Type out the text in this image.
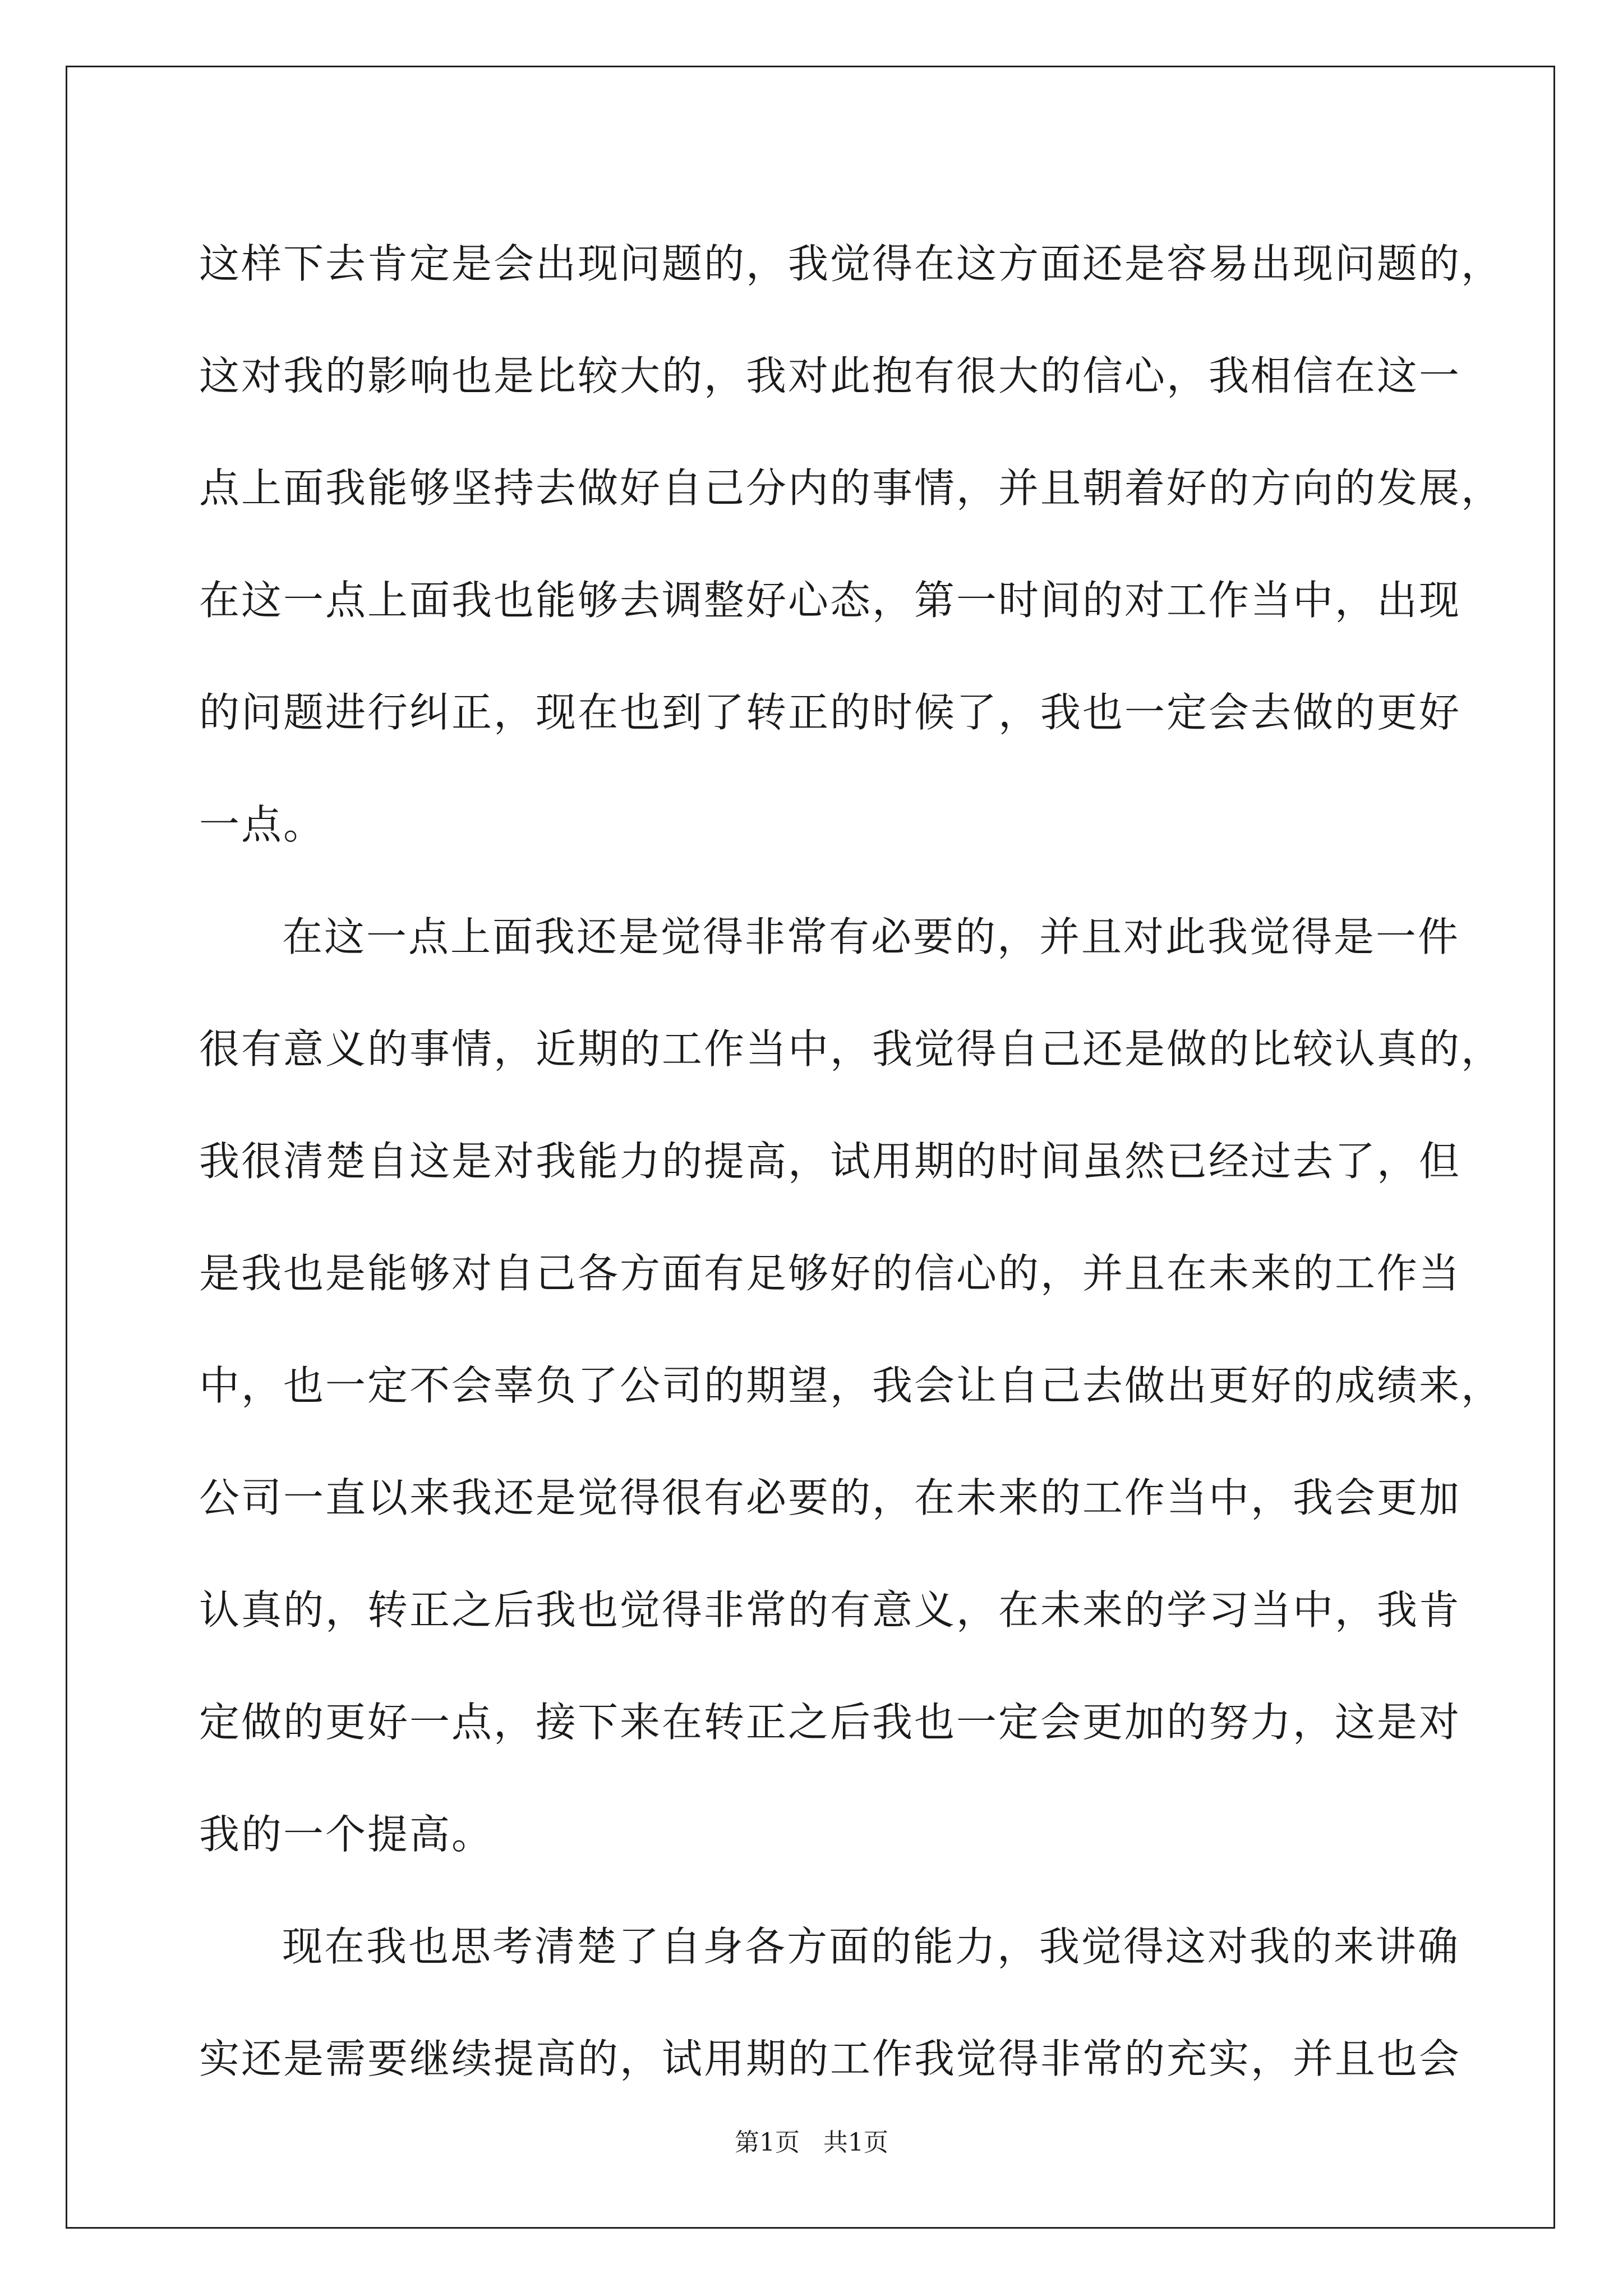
这样下去肯定是会出现问题的，我觉得在这方面还是容易出现问题的，
这对我的影响也是比较大的，我对此抱有很大的信心，我相信在这一
点上面我能够坚持去做好自己分内的事情，并且朝着好的方向的发展，
在这一点上面我也能够去调整好心态，第一时间的对工作当中，出现
的问题进行纠正，现在也到了转正的时候了，我也一定会去做的更好
一点。
在这一点上面我还是觉得非常有必要的，并且对此我觉得是一件
很有意义的事情，近期的工作当中，我觉得自己还是做的比较认真的，
我很清楚自这是对我能力的提高，试用期的时间虽然已经过去了，但
是我也是能够对自己各方面有足够好的信心的，并且在未来的工作当
中，也一定不会辜负了公司的期望，我会让自己去做出更好的成绩来，
公司一直以来我还是觉得很有必要的，在未来的工作当中，我会更加
认真的，转正之后我也觉得非常的有意义，在未来的学习当中，我肯
定做的更好一点，接下来在转正之后我也一定会更加的努力，这是对
我的一个提高。
现在我也思考清楚了自身各方面的能力，我觉得这对我的来讲确
实还是需要继续提高的，试用期的工作我觉得非常的充实，并且也会
第1页 共1页
